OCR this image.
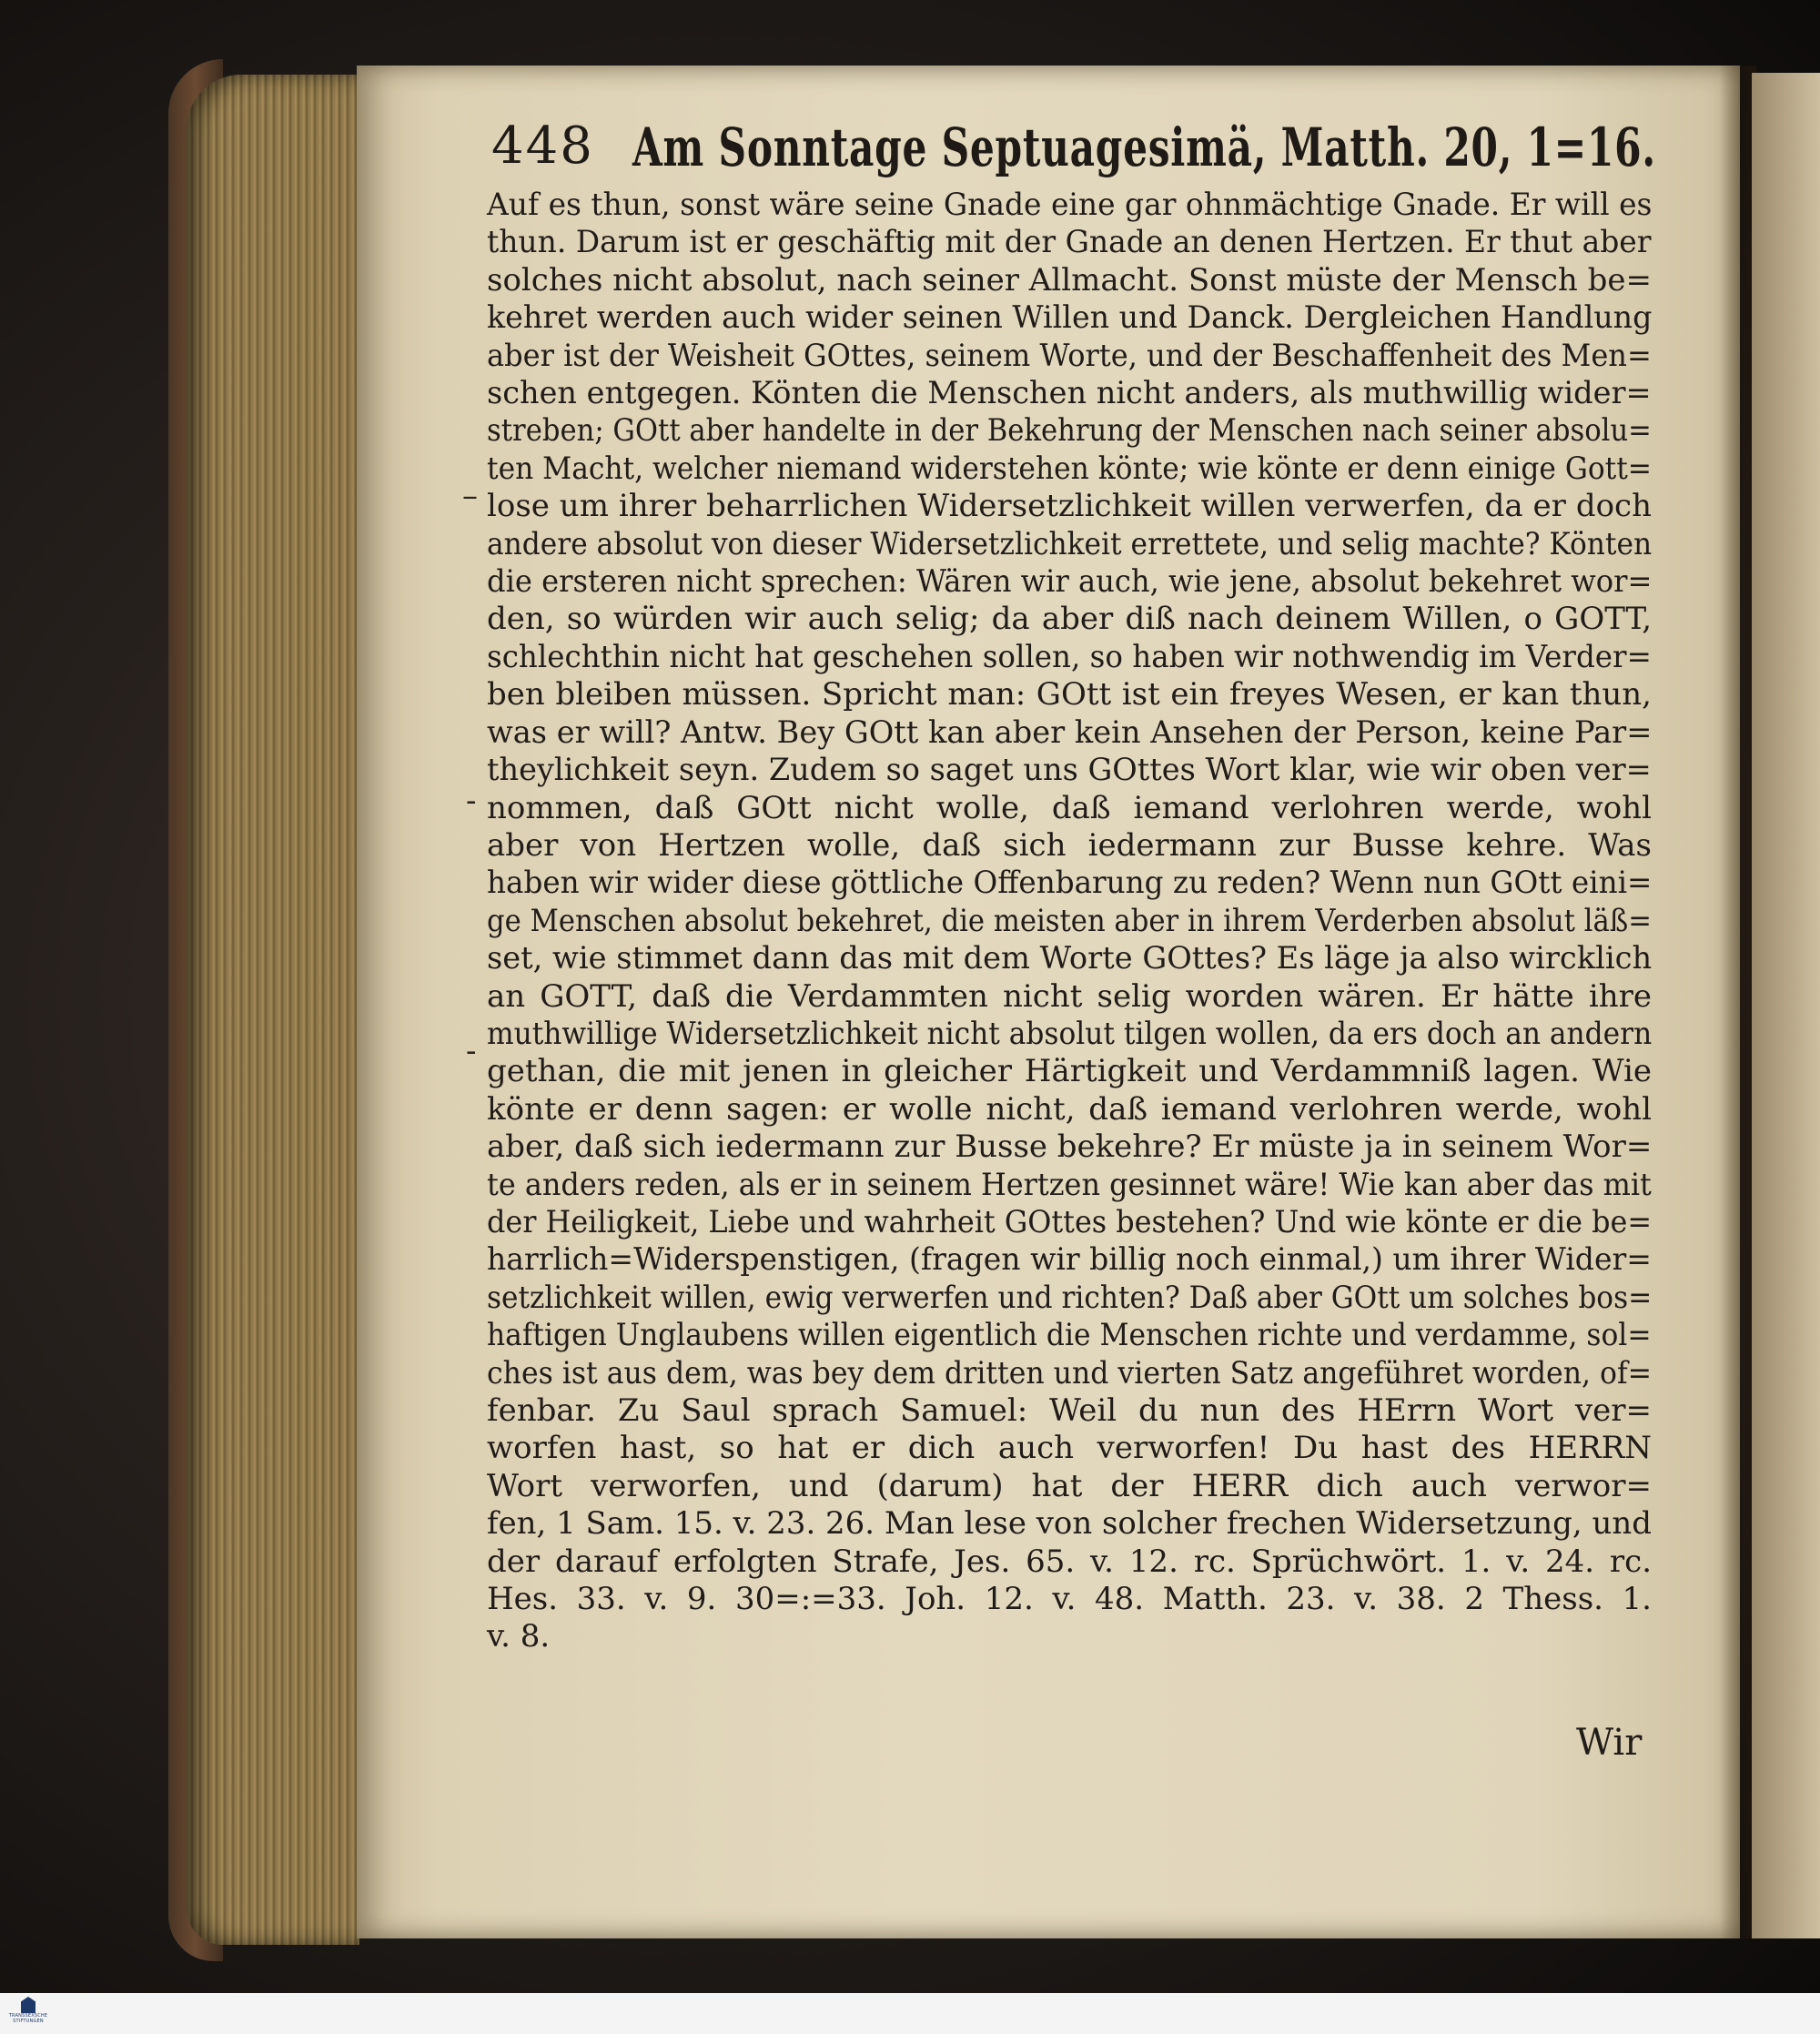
448 Am Sonntage Septuagesimä, Matth. 20, 1=16.
Auf es thun, sonst wäre seine Gnade eine gar ohnmächtige Gnade. Er will es
thun. Darum ist er geschäftig mit der Gnade an denen Hertzen. Er thut aber
solches nicht absolut, nach seiner Allmacht. Sonst müste der Mensch be=
kehret werden auch wider seinen Willen und Danck. Dergleichen Handlung
aber ist der Weisheit GOttes, seinem Worte, und der Beschaffenheit des Men=
schen entgegen. Könten die Menschen nicht anders, als muthwillig wider=
streben; GOtt aber handelte in der Bekehrung der Menschen nach seiner absolu=
ten Macht, welcher niemand widerstehen könte; wie könte er denn einige Gott=
lose um ihrer beharrlichen Widersetzlichkeit willen verwerfen, da er doch
andere absolut von dieser Widersetzlichkeit errettete, und selig machte? Könten
die ersteren nicht sprechen: Wären wir auch, wie jene, absolut bekehret wor=
den, so würden wir auch selig; da aber diß nach deinem Willen, o GOTT,
schlechthin nicht hat geschehen sollen, so haben wir nothwendig im Verder=
ben bleiben müssen. Spricht man: GOtt ist ein freyes Wesen, er kan thun,
was er will? Antw. Bey GOtt kan aber kein Ansehen der Person, keine Par=
theylichkeit seyn. Zudem so saget uns GOttes Wort klar, wie wir oben ver=
nommen, daß GOtt nicht wolle, daß iemand verlohren werde, wohl
aber von Hertzen wolle, daß sich iedermann zur Busse kehre. Was
haben wir wider diese göttliche Offenbarung zu reden? Wenn nun GOtt eini=
ge Menschen absolut bekehret, die meisten aber in ihrem Verderben absolut läß=
set, wie stimmet dann das mit dem Worte GOttes? Es läge ja also wircklich
an GOTT, daß die Verdammten nicht selig worden wären. Er hätte ihre
muthwillige Widersetzlichkeit nicht absolut tilgen wollen, da ers doch an andern
gethan, die mit jenen in gleicher Härtigkeit und Verdammniß lagen. Wie
könte er denn sagen: er wolle nicht, daß iemand verlohren werde, wohl
aber, daß sich iedermann zur Busse bekehre? Er müste ja in seinem Wor=
te anders reden, als er in seinem Hertzen gesinnet wäre! Wie kan aber das mit
der Heiligkeit, Liebe und wahrheit GOttes bestehen? Und wie könte er die be=
harrlich=Widerspenstigen, (fragen wir billig noch einmal,) um ihrer Wider=
setzlichkeit willen, ewig verwerfen und richten? Daß aber GOtt um solches bos=
haftigen Unglaubens willen eigentlich die Menschen richte und verdamme, sol=
ches ist aus dem, was bey dem dritten und vierten Satz angeführet worden, of=
fenbar. Zu Saul sprach Samuel: Weil du nun des HErrn Wort ver=
worfen hast, so hat er dich auch verworfen! Du hast des HERRN
Wort verworfen, und (darum) hat der HERR dich auch verwor=
fen, 1 Sam. 15. v. 23. 26. Man lese von solcher frechen Widersetzung, und
der darauf erfolgten Strafe, Jes. 65. v. 12. rc. Sprüchwört. 1. v. 24. rc.
Hes. 33. v. 9. 30=:=33. Joh. 12. v. 48. Matth. 23. v. 38. 2 Thess. 1.
v. 8.
–
-
-
Wir
TRANSSEXSCHE STIFTUNGEN
